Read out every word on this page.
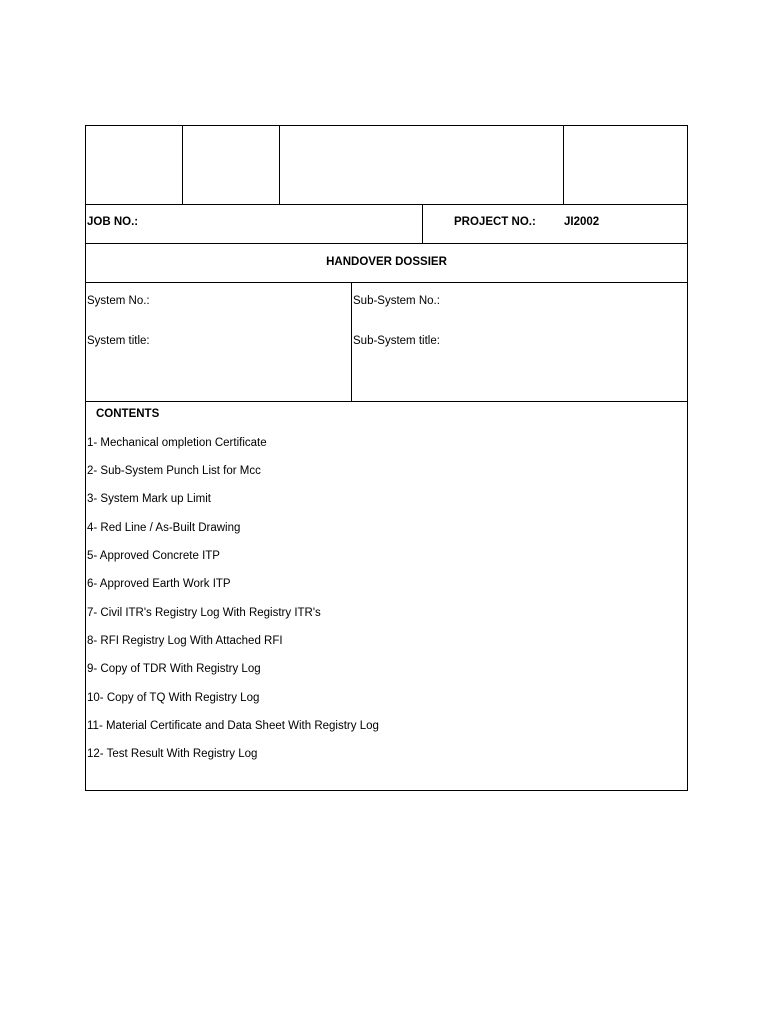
JOB NO.:	PROJECT NO.: JI2002
HANDOVER DOSSIER
System No.:	Sub-System No.:
System title:	Sub-System title:
CONTENTS
1- Mechanical ompletion Certificate
2- Sub-System Punch List for Mcc
3- System Mark up Limit
4- Red Line / As-Built Drawing
5- Approved Concrete ITP
6- Approved Earth Work ITP
7- Civil ITR's Registry Log With Registry ITR's
8- RFI Registry Log With Attached RFI
9- Copy of TDR With Registry Log
10- Copy of TQ With Registry Log
11- Material Certificate and Data Sheet With Registry Log
12- Test Result With Registry Log
